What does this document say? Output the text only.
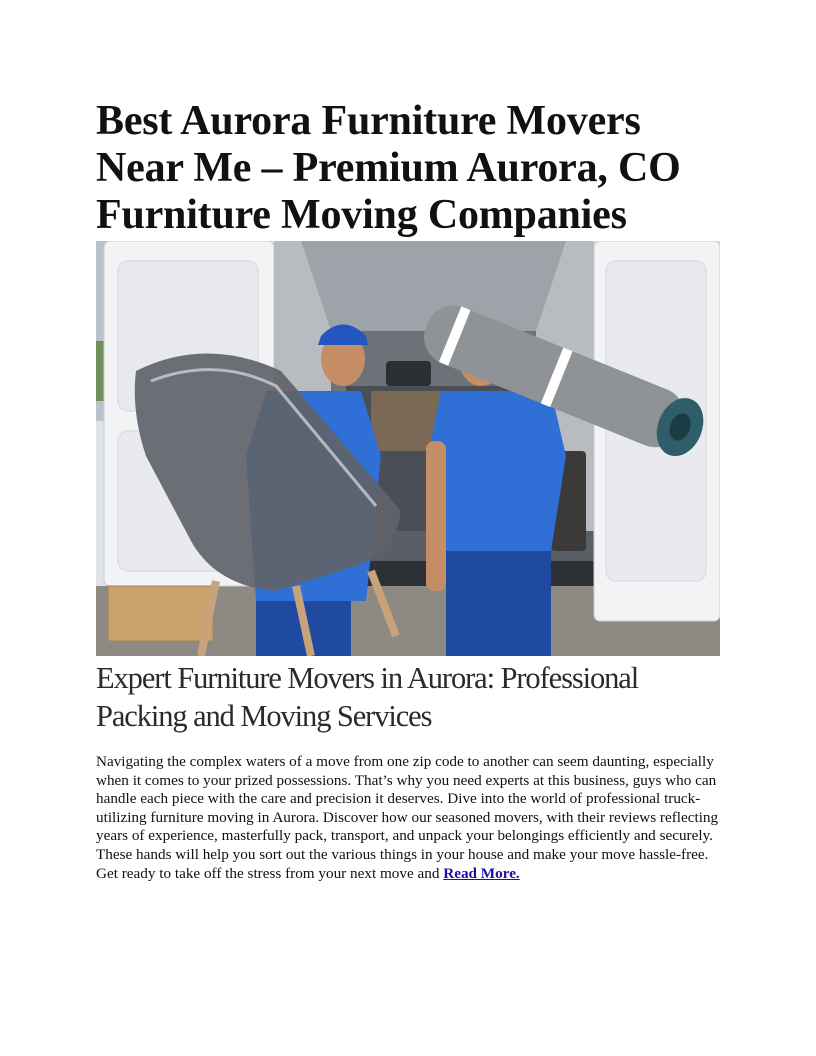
Best Aurora Furniture Movers Near Me – Premium Aurora, CO Furniture Moving Companies
Expert Furniture Movers in Aurora: Professional Packing and Moving Services

Navigating the complex waters of a move from one zip code to another can seem daunting, especially when it comes to your prized possessions. That’s why you need experts at this business, guys who can handle each piece with the care and precision it deserves. Dive into the world of professional truck-utilizing furniture moving in Aurora. Discover how our seasoned movers, with their reviews reflecting years of experience, masterfully pack, transport, and unpack your belongings efficiently and securely. These hands will help you sort out the various things in your house and make your move hassle-free. Get ready to take off the stress from your next move and Read More.
